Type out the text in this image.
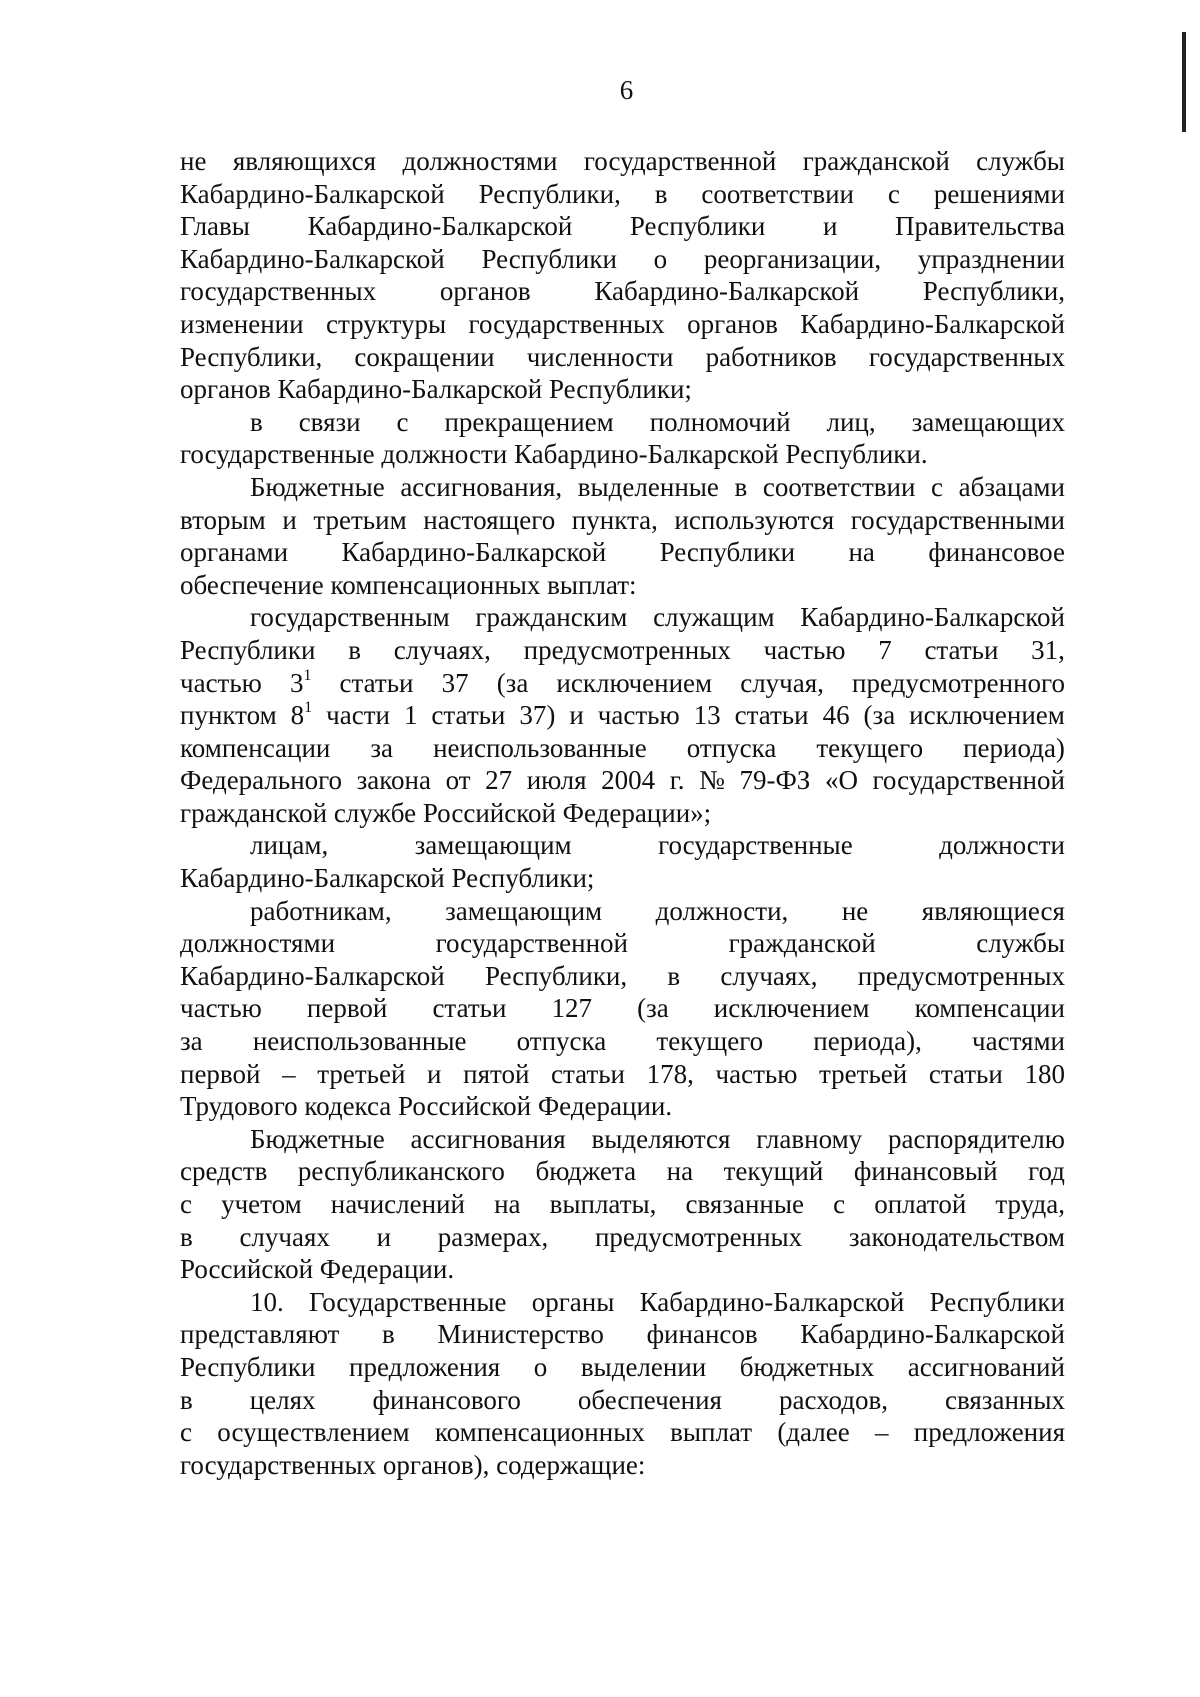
6
не являющихся должностями государственной гражданской службы
Кабардино-Балкарской Республики, в соответствии с решениями
Главы Кабардино-Балкарской Республики и Правительства
Кабардино-Балкарской Республики о реорганизации, упразднении
государственных органов Кабардино-Балкарской Республики,
изменении структуры государственных органов Кабардино-Балкарской
Республики, сокращении численности работников государственных
органов Кабардино-Балкарской Республики;
в связи с прекращением полномочий лиц, замещающих
государственные должности Кабардино-Балкарской Республики.
Бюджетные ассигнования, выделенные в соответствии с абзацами
вторым и третьим настоящего пункта, используются государственными
органами Кабардино-Балкарской Республики на финансовое
обеспечение компенсационных выплат:
государственным гражданским служащим Кабардино-Балкарской
Республики в случаях, предусмотренных частью 7 статьи 31,
частью $3^1$ статьи 37 (за исключением случая, предусмотренного
пунктом $8^1$ части 1 статьи 37) и частью 13 статьи 46 (за исключением
компенсации за неиспользованные отпуска текущего периода)
Федерального закона от 27 июля 2004 г. № 79-ФЗ «О государственной
гражданской службе Российской Федерации»;
лицам,	замещающим	государственные	должности
Кабардино-Балкарской Республики;
работникам, замещающим должности, не являющиеся
должностями	государственной	гражданской	службы
Кабардино-Балкарской Республики, в случаях, предусмотренных
частью первой статьи 127 (за исключением компенсации
за неиспользованные отпуска текущего периода), частями
первой – третьей и пятой статьи 178, частью третьей статьи 180
Трудового кодекса Российской Федерации.
Бюджетные ассигнования выделяются главному распорядителю
средств республиканского бюджета на текущий финансовый год
с учетом начислений на выплаты, связанные с оплатой труда,
в случаях и размерах, предусмотренных законодательством
Российской Федерации.
10. Государственные органы Кабардино-Балкарской Республики
представляют в Министерство финансов Кабардино-Балкарской
Республики предложения о выделении бюджетных ассигнований
в целях финансового обеспечения расходов, связанных
с осуществлением компенсационных выплат (далее – предложения
государственных органов), содержащие:
